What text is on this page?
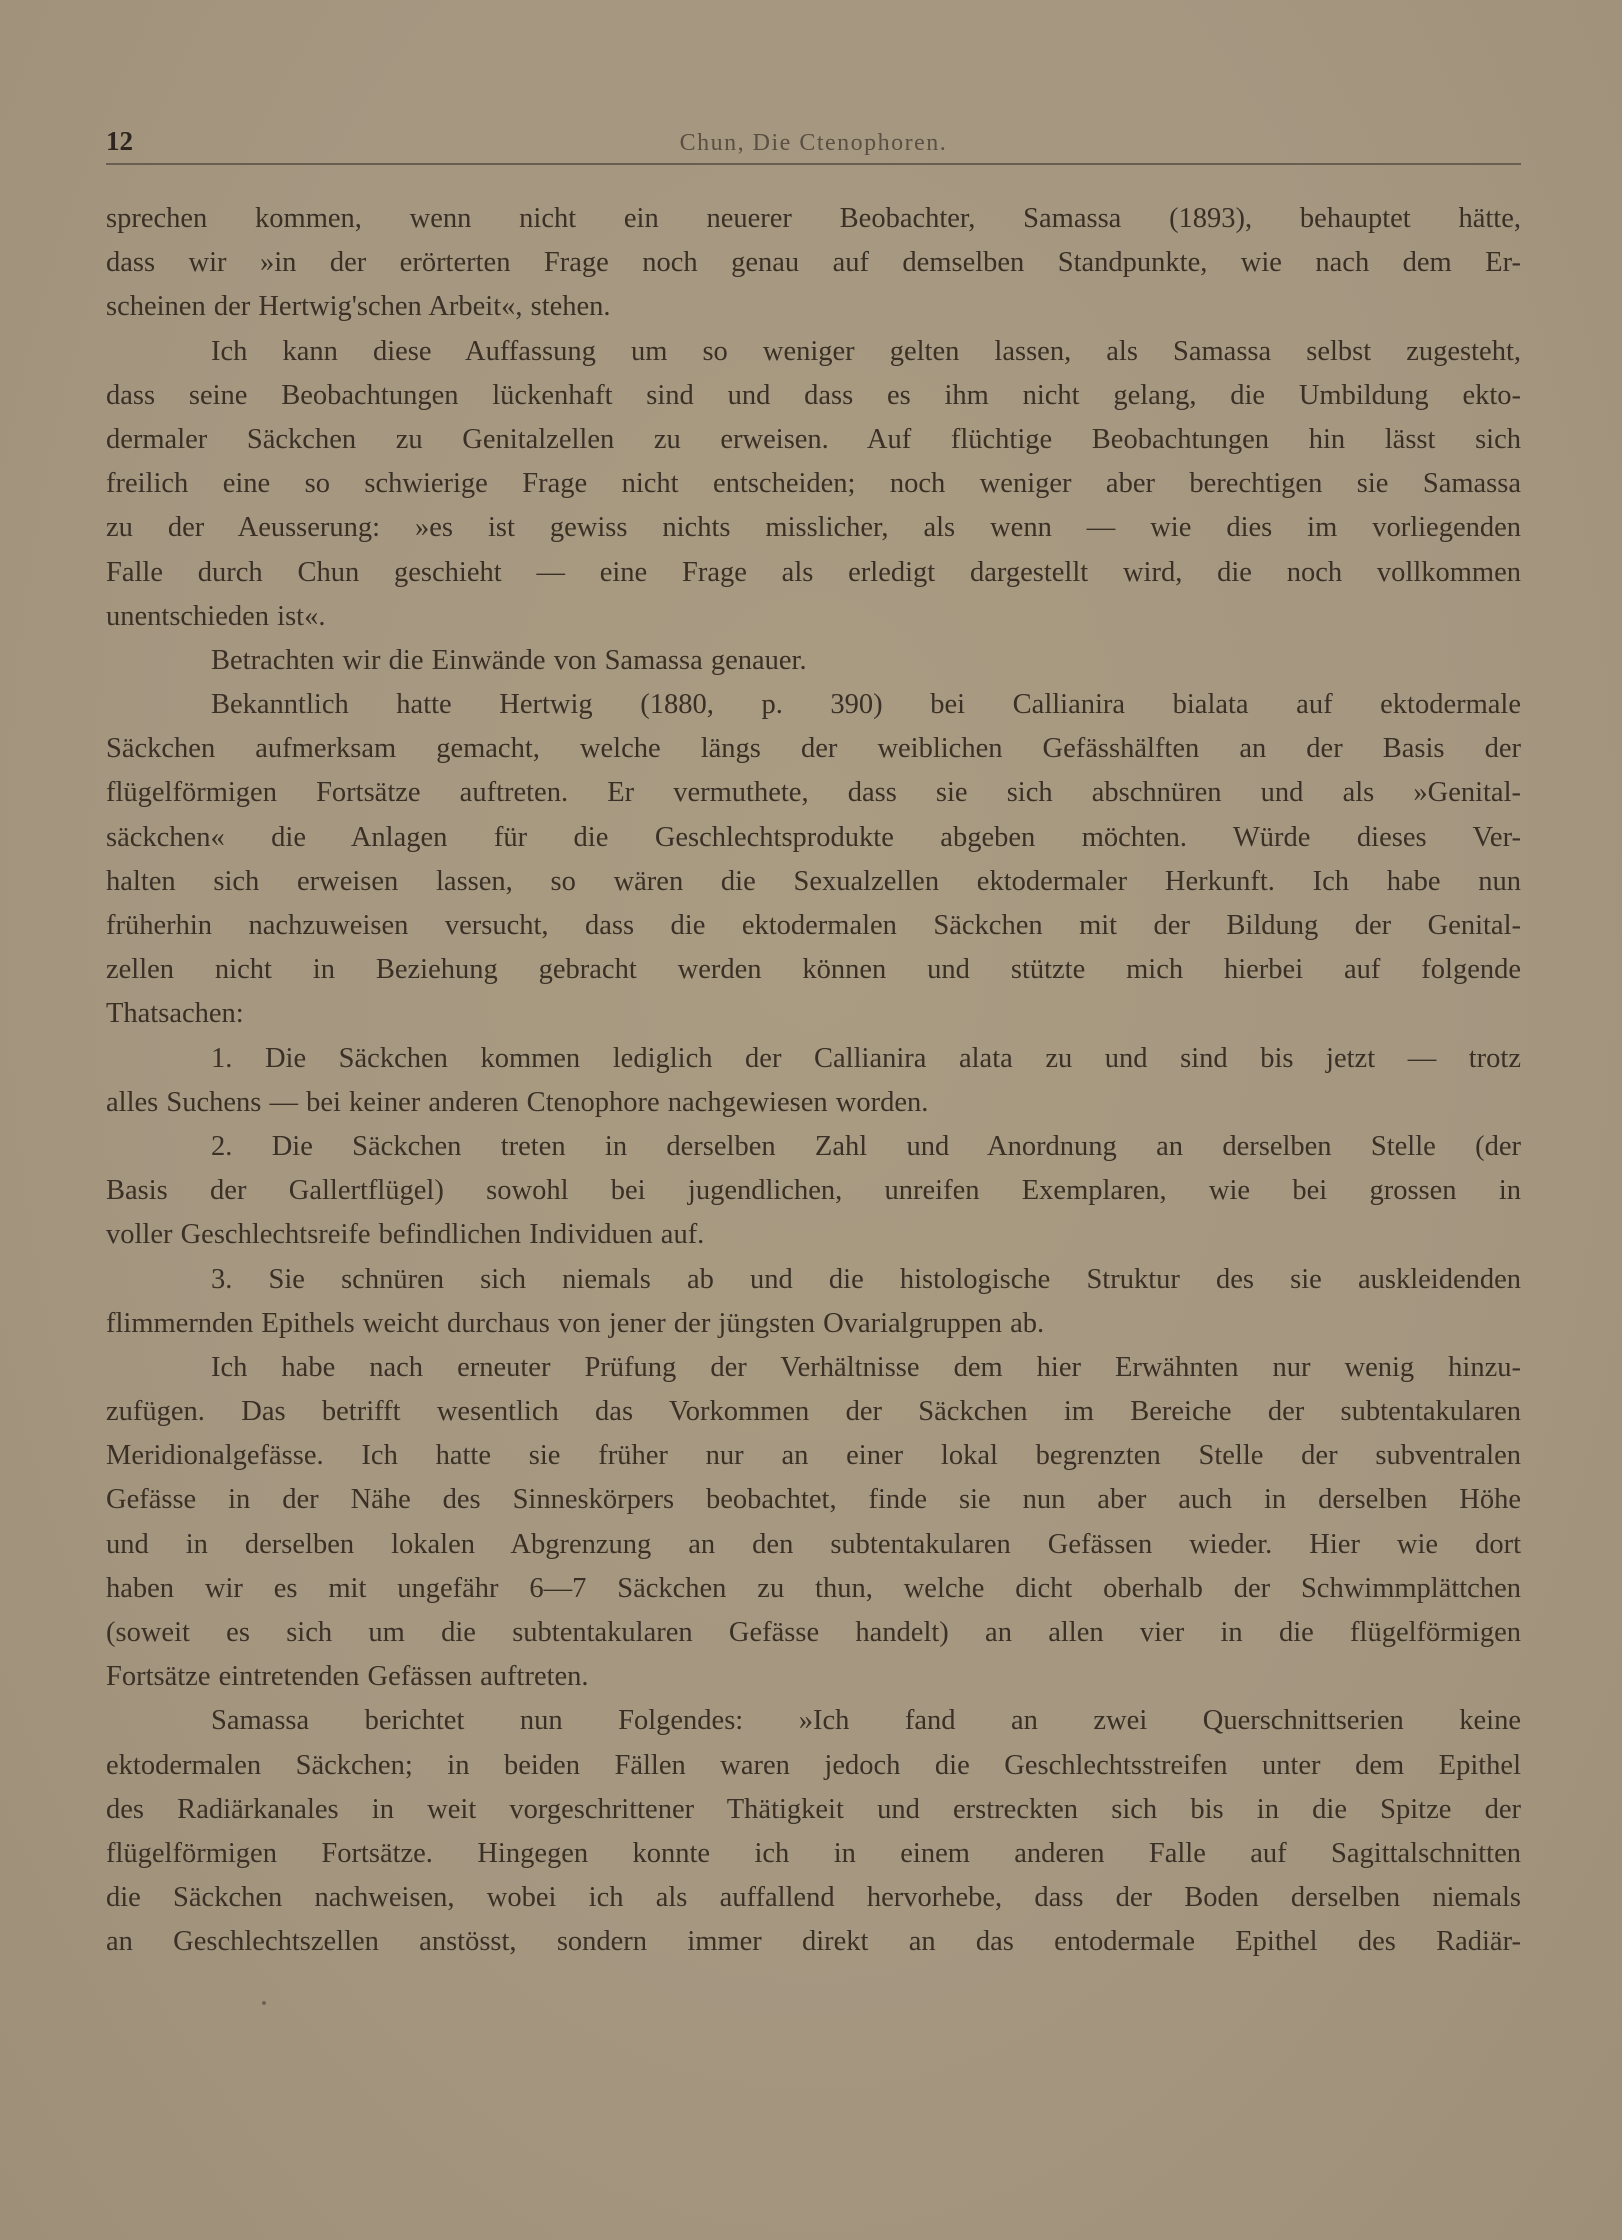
12	Chun, Die Ctenophoren.
sprechen kommen, wenn nicht ein neuerer Beobachter, Samassa (1893), behauptet hätte,
dass wir »in der erörterten Frage noch genau auf demselben Standpunkte, wie nach dem Er-
scheinen der Hertwig'schen Arbeit«, stehen.
Ich kann diese Auffassung um so weniger gelten lassen, als Samassa selbst zugesteht,
dass seine Beobachtungen lückenhaft sind und dass es ihm nicht gelang, die Umbildung ekto-
dermaler Säckchen zu Genitalzellen zu erweisen. Auf flüchtige Beobachtungen hin lässt sich
freilich eine so schwierige Frage nicht entscheiden; noch weniger aber berechtigen sie Samassa
zu der Aeusserung: »es ist gewiss nichts misslicher, als wenn — wie dies im vorliegenden
Falle durch Chun geschieht — eine Frage als erledigt dargestellt wird, die noch vollkommen
unentschieden ist«.
Betrachten wir die Einwände von Samassa genauer.
Bekanntlich hatte Hertwig (1880, p. 390) bei Callianira bialata auf ektodermale
Säckchen aufmerksam gemacht, welche längs der weiblichen Gefässhälften an der Basis der
flügelförmigen Fortsätze auftreten. Er vermuthete, dass sie sich abschnüren und als »Genital-
säckchen« die Anlagen für die Geschlechtsprodukte abgeben möchten. Würde dieses Ver-
halten sich erweisen lassen, so wären die Sexualzellen ektodermaler Herkunft. Ich habe nun
früherhin nachzuweisen versucht, dass die ektodermalen Säckchen mit der Bildung der Genital-
zellen nicht in Beziehung gebracht werden können und stützte mich hierbei auf folgende
Thatsachen:
1. Die Säckchen kommen lediglich der Callianira alata zu und sind bis jetzt — trotz
alles Suchens — bei keiner anderen Ctenophore nachgewiesen worden.
2. Die Säckchen treten in derselben Zahl und Anordnung an derselben Stelle (der
Basis der Gallertflügel) sowohl bei jugendlichen, unreifen Exemplaren, wie bei grossen in
voller Geschlechtsreife befindlichen Individuen auf.
3. Sie schnüren sich niemals ab und die histologische Struktur des sie auskleidenden
flimmernden Epithels weicht durchaus von jener der jüngsten Ovarialgruppen ab.
Ich habe nach erneuter Prüfung der Verhältnisse dem hier Erwähnten nur wenig hinzu-
zufügen. Das betrifft wesentlich das Vorkommen der Säckchen im Bereiche der subtentakularen
Meridionalgefässe. Ich hatte sie früher nur an einer lokal begrenzten Stelle der subventralen
Gefässe in der Nähe des Sinneskörpers beobachtet, finde sie nun aber auch in derselben Höhe
und in derselben lokalen Abgrenzung an den subtentakularen Gefässen wieder. Hier wie dort
haben wir es mit ungefähr 6—7 Säckchen zu thun, welche dicht oberhalb der Schwimmplättchen
(soweit es sich um die subtentakularen Gefässe handelt) an allen vier in die flügelförmigen
Fortsätze eintretenden Gefässen auftreten.
Samassa berichtet nun Folgendes: »Ich fand an zwei Querschnittserien keine
ektodermalen Säckchen; in beiden Fällen waren jedoch die Geschlechtsstreifen unter dem Epithel
des Radiärkanales in weit vorgeschrittener Thätigkeit und erstreckten sich bis in die Spitze der
flügelförmigen Fortsätze. Hingegen konnte ich in einem anderen Falle auf Sagittalschnitten
die Säckchen nachweisen, wobei ich als auffallend hervorhebe, dass der Boden derselben niemals
an Geschlechtszellen anstösst, sondern immer direkt an das entodermale Epithel des Radiär-
